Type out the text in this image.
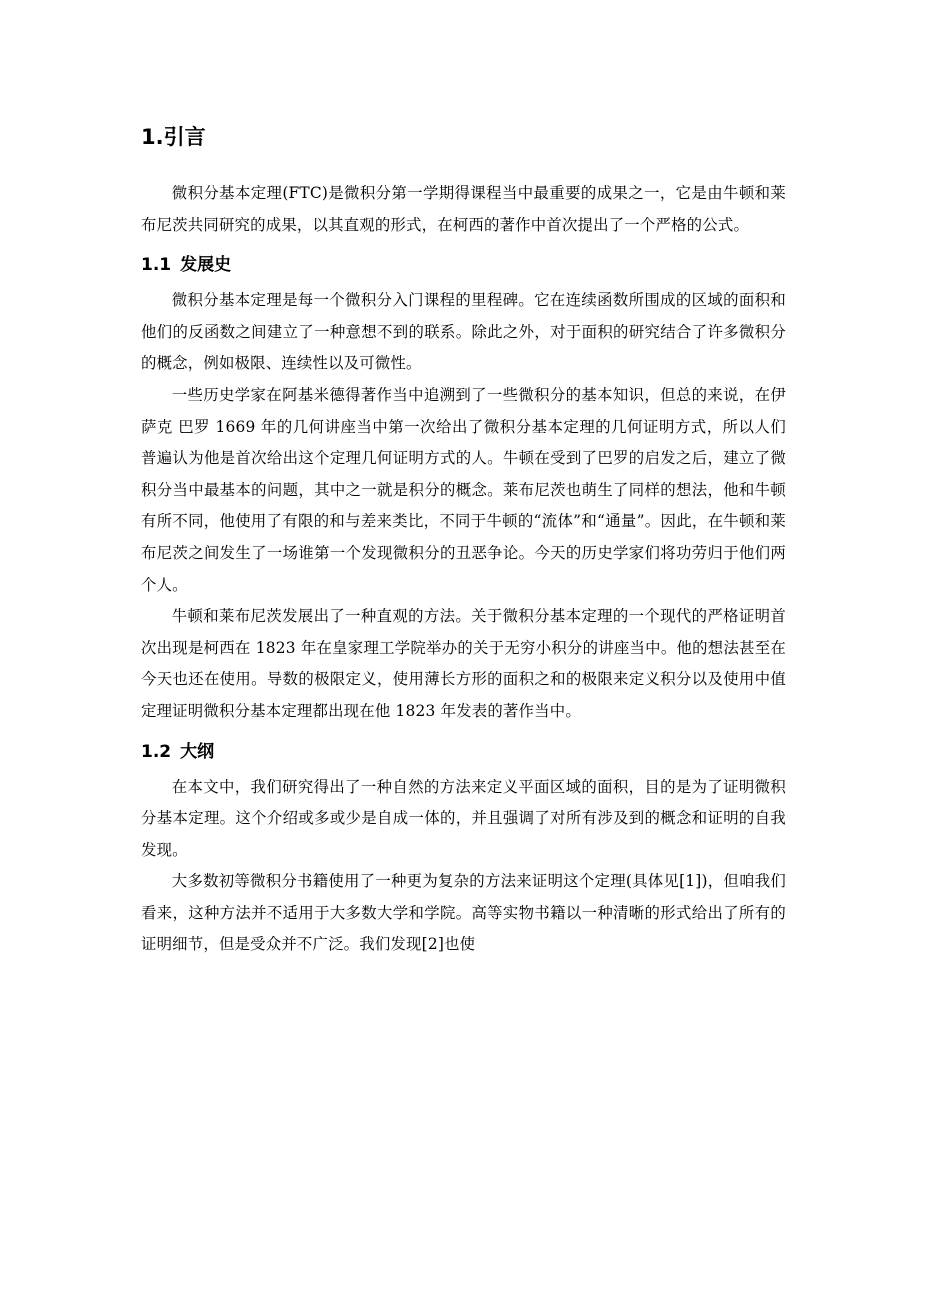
1.引言

微积分基本定理(FTC)是微积分第一学期得课程当中最重要的成果之一，它是由牛顿和莱布尼茨共同研究的成果，以其直观的形式，在柯西的著作中首次提出了一个严格的公式。

1.1 发展史

微积分基本定理是每一个微积分入门课程的里程碑。它在连续函数所围成的区域的面积和他们的反函数之间建立了一种意想不到的联系。除此之外，对于面积的研究结合了许多微积分的概念，例如极限、连续性以及可微性。

一些历史学家在阿基米德得著作当中追溯到了一些微积分的基本知识，但总的来说，在伊萨克 巴罗 1669 年的几何讲座当中第一次给出了微积分基本定理的几何证明方式，所以人们普遍认为他是首次给出这个定理几何证明方式的人。牛顿在受到了巴罗的启发之后，建立了微积分当中最基本的问题，其中之一就是积分的概念。莱布尼茨也萌生了同样的想法，他和牛顿有所不同，他使用了有限的和与差来类比，不同于牛顿的“流体”和“通量”。因此，在牛顿和莱布尼茨之间发生了一场谁第一个发现微积分的丑恶争论。今天的历史学家们将功劳归于他们两个人。

牛顿和莱布尼茨发展出了一种直观的方法。关于微积分基本定理的一个现代的严格证明首次出现是柯西在 1823 年在皇家理工学院举办的关于无穷小积分的讲座当中。他的想法甚至在今天也还在使用。导数的极限定义，使用薄长方形的面积之和的极限来定义积分以及使用中值定理证明微积分基本定理都出现在他 1823 年发表的著作当中。

1.2 大纲

在本文中，我们研究得出了一种自然的方法来定义平面区域的面积，目的是为了证明微积分基本定理。这个介绍或多或少是自成一体的，并且强调了对所有涉及到的概念和证明的自我发现。

大多数初等微积分书籍使用了一种更为复杂的方法来证明这个定理(具体见[1])，但咱我们看来，这种方法并不适用于大多数大学和学院。高等实物书籍以一种清晰的形式给出了所有的证明细节，但是受众并不广泛。我们发现[2]也使
